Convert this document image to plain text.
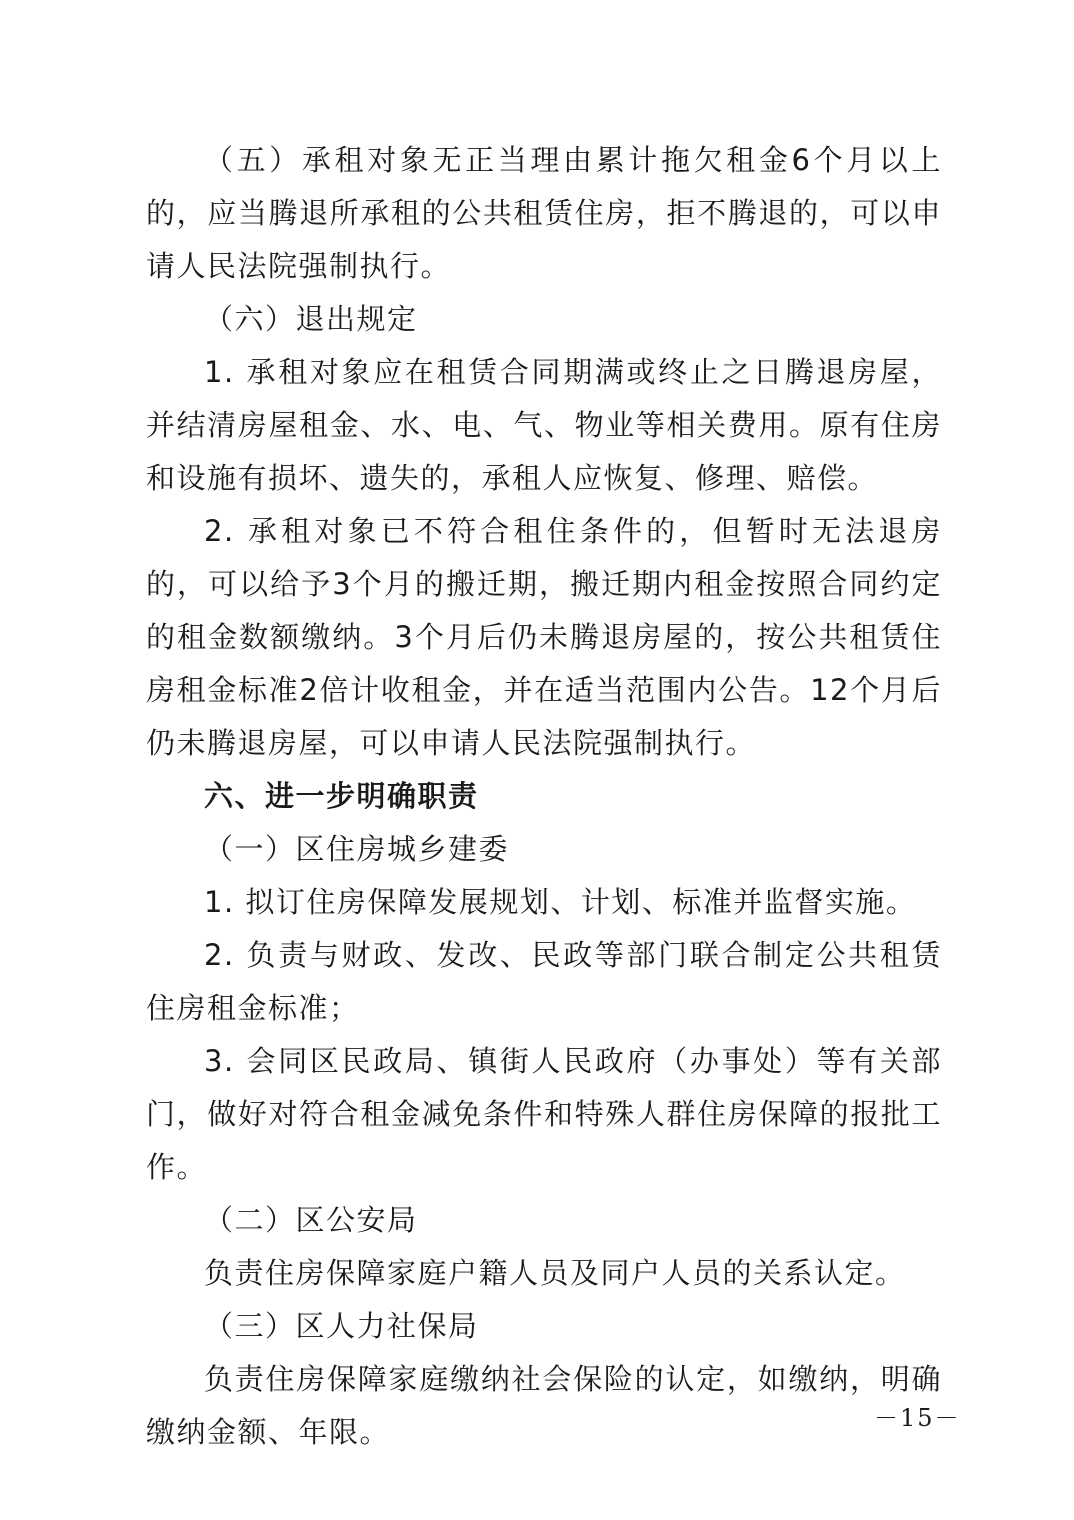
（五）承租对象无正当理由累计拖欠租金6个月以上的，应当腾退所承租的公共租赁住房，拒不腾退的，可以申请人民法院强制执行。

（六）退出规定

1. 承租对象应在租赁合同期满或终止之日腾退房屋，并结清房屋租金、水、电、气、物业等相关费用。原有住房和设施有损坏、遗失的，承租人应恢复、修理、赔偿。

2. 承租对象已不符合租住条件的，但暂时无法退房的，可以给予3个月的搬迁期，搬迁期内租金按照合同约定的租金数额缴纳。3个月后仍未腾退房屋的，按公共租赁住房租金标准2倍计收租金，并在适当范围内公告。12个月后仍未腾退房屋，可以申请人民法院强制执行。

六、进一步明确职责

（一）区住房城乡建委

1. 拟订住房保障发展规划、计划、标准并监督实施。

2. 负责与财政、发改、民政等部门联合制定公共租赁住房租金标准；

3. 会同区民政局、镇街人民政府（办事处）等有关部门，做好对符合租金减免条件和特殊人群住房保障的报批工作。

（二）区公安局

负责住房保障家庭户籍人员及同户人员的关系认定。

（三）区人力社保局

负责住房保障家庭缴纳社会保险的认定，如缴纳，明确缴纳金额、年限。	－15－
